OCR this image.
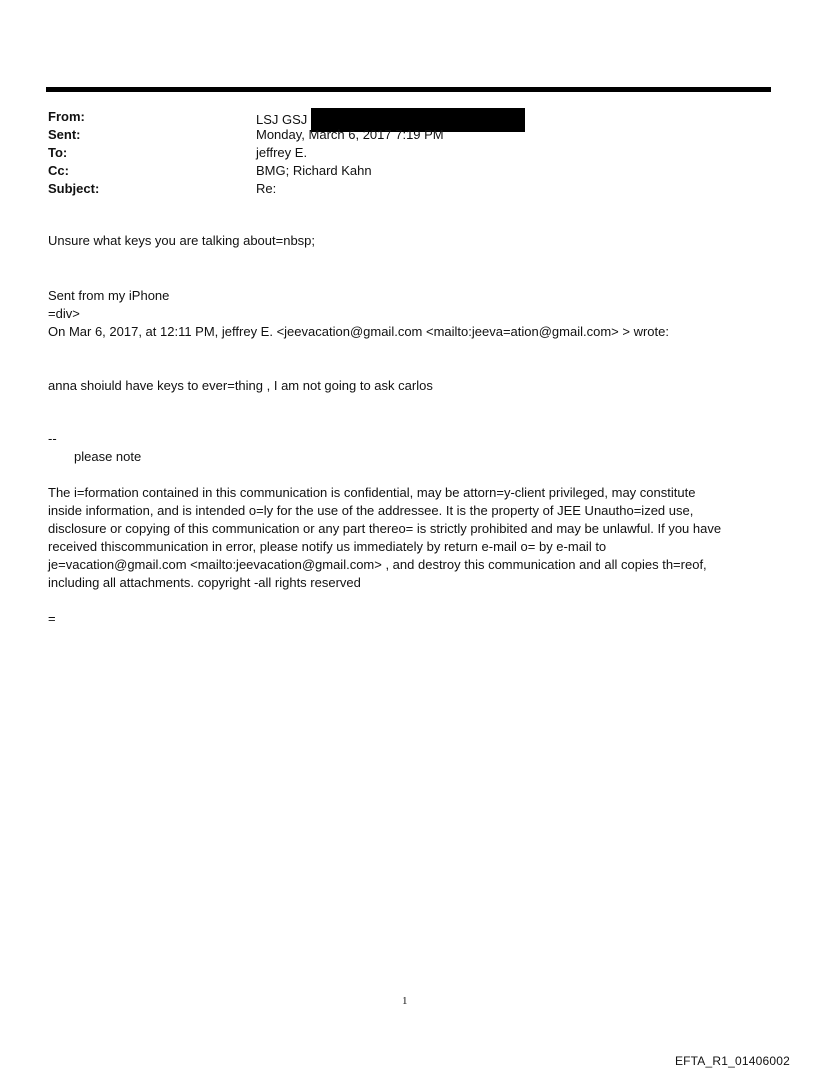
From:	LSJ GSJ
Sent:	Monday, March 6, 2017 7:19 PM
To:	jeffrey E.
Cc:	BMG; Richard Kahn
Subject:	Re:
Unsure what keys you are talking about=nbsp;
Sent from my iPhone
=div>
On Mar 6, 2017, at 12:11 PM, jeffrey E. <jeevacation@gmail.com <mailto:jeeva=ation@gmail.com> > wrote:
anna shoiuld have keys to ever=thing , I am not going to ask carlos
--
please note

The i=formation contained in this communication is confidential, may be attorn=y-client privileged, may constitute

inside information, and is intended o=ly for the use of the addressee. It is the property of JEE Unautho=ized use,

disclosure or copying of this communication or any part thereo= is strictly prohibited and may be unlawful. If you have

received thiscommunication in error, please notify us immediately by return e-mail o= by e-mail to

je=vacation@gmail.com <mailto:jeevacation@gmail.com> , and destroy this communication and all copies th=reof,

including all attachments. copyright -all rights reserved

=
1
EFTA_R1_01406002
